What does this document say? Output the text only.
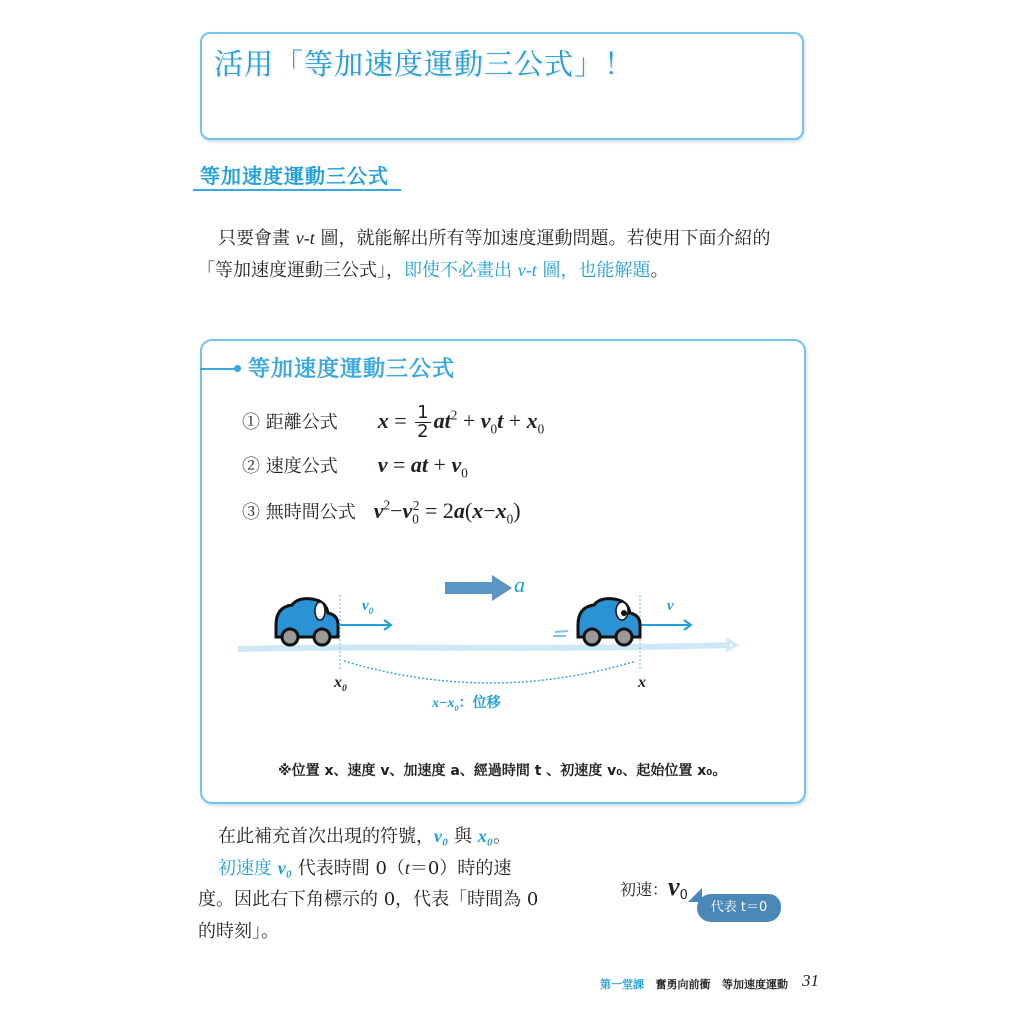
活用「等加速度運動三公式」！
等加速度運動三公式
只要會畫 v-t 圖，就能解出所有等加速度運動問題。若使用下面介紹的
「等加速度運動三公式」，即使不必畫出 v-t 圖，也能解題。
等加速度運動三公式
① 距離公式 $x = \frac{1}{2} at^2 + v_0t + x_0$
② 速度公式 v = at + $v_0$
③ 無時間公式 $v^2-v_0^2 = 2a(x-x_0)$
a
$v_0$	v
$x_0$	x
$x-x_0$：位移
※位置 x、速度 v、加速度 a、經過時間 t 、初速度 v₀、起始位置 x₀。
在此補充首次出現的符號，v₀ 與 x₀。
初速度 v₀ 代表時間 0（t＝0）時的速
度。因此右下角標示的 0，代表「時間為 0
的時刻」。
初速：$v_0$
代表 t＝0
第一堂課 奮勇向前衝 等加速度運動 31
